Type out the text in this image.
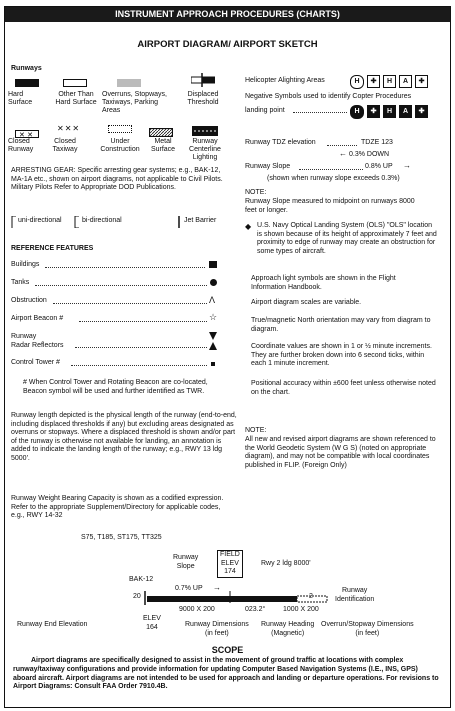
INSTRUMENT APPROACH PROCEDURES (CHARTS)
AIRPORT DIAGRAM/ AIRPORT SKETCH
Runways
Hard
Surface
Other Than
Hard Surface
Overruns, Stopways,
Taxiways, Parking
Areas
Displaced
Threshold
✕ ✕
✕✕✕
Closed
Runway
Closed
Taxiway
Under
Construction
Metal
Surface
Runway
Centerline
Lighting
ARRESTING GEAR: Specific arresting gear systems; e.g., BAK-12, MA-1A etc., shown on airport diagrams, not applicable to Civil Pilots. Military Pilots Refer to Appropriate DOD Publications.
uni-directional	bi-directional	Jet Barrier
REFERENCE FEATURES
Buildings
Tanks
Obstruction	Λ
Airport Beacon #	☆
Runway
Radar Reflectors
Control Tower #
# When Control Tower and Rotating Beacon are co-located, Beacon symbol will be used and further identified as TWR.
Runway length depicted is the physical length of the runway (end-to-end, including displaced thresholds if any) but excluding areas designated as overruns or stopways. Where a displaced threshold is shown and/or part of the runway is otherwise not available for landing, an annotation is added to indicate the landing length of the runway; e.g., RWY 13 ldg 5000'.
Runway Weight Bearing Capacity is shown as a codified expression. Refer to the appropriate Supplement/Directory for applicable codes, e.g., RWY 14-32
S75, T185, ST175, TT325
Helicopter Alighting Areas	H ✚ H A ✚
Negative Symbols used to identify Copter Procedures
landing point	H ✚ H A ✚
Runway TDZ elevation	TDZE 123
0.3% DOWN
←
Runway Slope	0.8% UP →
(shown when runway slope exceeds 0.3%)
NOTE:
Runway Slope measured to midpoint on runways 8000 feet or longer.
◆ U.S. Navy Optical Landing System (OLS) "OLS" location is shown because of its height of approximately 7 feet and proximity to edge of runway may create an obstruction for some types of aircraft.
Approach light symbols are shown in the Flight Information Handbook.
Airport diagram scales are variable.
True/magnetic North orientation may vary from diagram to diagram.
Coordinate values are shown in 1 or ½ minute increments. They are further broken down into 6 second ticks, within each 1 minute increment.
Positional accuracy within ±600 feet unless otherwise noted on the chart.
NOTE:
All new and revised airport diagrams are shown referenced to the World Geodetic System (W G S) (noted on appropriate diagram), and may not be compatible with local coordinates published in FLIP. (Foreign Only)
Runway
Slope
FIELD
ELEV
174
Rwy 2 ldg 8000'
BAK-12
0.7% UP →
20	2
9000 X 200	023.2°	1000 X 200
Runway
Identification
Runway End Elevation
ELEV
164	Runway Dimensions
(in feet)
Runway Heading
(Magnetic)
Overrun/Stopway Dimensions
(in feet)
SCOPE
Airport diagrams are specifically designed to assist in the movement of ground traffic at locations with complex runway/taxiway configurations and provide information for updating Computer Based Navigation Systems (I.E., INS, GPS) aboard aircraft. Airport diagrams are not intended to be used for approach and landing or departure operations. For revisions to Airport Diagrams: Consult FAA Order 7910.4B.
